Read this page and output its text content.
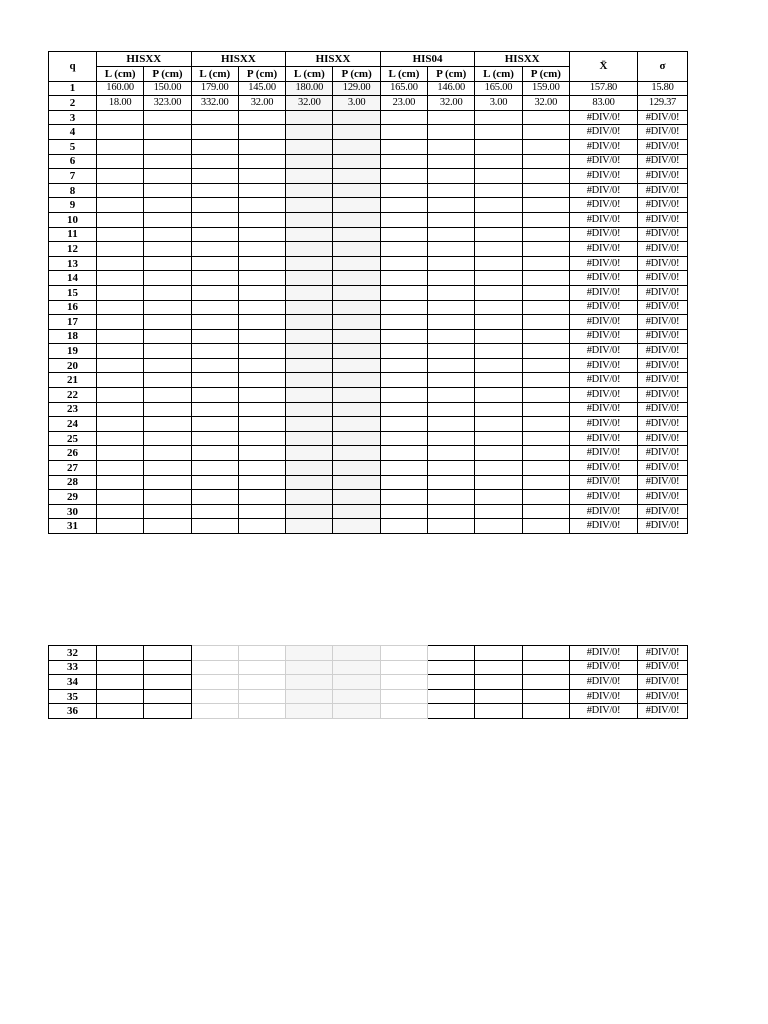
q	HISXX		HISXX		HISXX		HIS04		HISXX		X̄	σ
	L (cm)	P (cm)	L (cm)	P (cm)	L (cm)	P (cm)	L (cm)	P (cm)	L (cm)	P (cm)		
1	160.00	150.00	179.00	145.00	180.00	129.00	165.00	146.00	165.00	159.00	157.80	15.80
2	18.00	323.00	332.00	32.00	32.00	3.00	23.00	32.00	3.00	32.00	83.00	129.37
3											#DIV/0!	#DIV/0!
4											#DIV/0!	#DIV/0!
5											#DIV/0!	#DIV/0!
6											#DIV/0!	#DIV/0!
7											#DIV/0!	#DIV/0!
8											#DIV/0!	#DIV/0!
9											#DIV/0!	#DIV/0!
10											#DIV/0!	#DIV/0!
11											#DIV/0!	#DIV/0!
12											#DIV/0!	#DIV/0!
13											#DIV/0!	#DIV/0!
14											#DIV/0!	#DIV/0!
15											#DIV/0!	#DIV/0!
16											#DIV/0!	#DIV/0!
17											#DIV/0!	#DIV/0!
18											#DIV/0!	#DIV/0!
19											#DIV/0!	#DIV/0!
20											#DIV/0!	#DIV/0!
21											#DIV/0!	#DIV/0!
22											#DIV/0!	#DIV/0!
23											#DIV/0!	#DIV/0!
24											#DIV/0!	#DIV/0!
25											#DIV/0!	#DIV/0!
26											#DIV/0!	#DIV/0!
27											#DIV/0!	#DIV/0!
28											#DIV/0!	#DIV/0!
29											#DIV/0!	#DIV/0!
30											#DIV/0!	#DIV/0!
31											#DIV/0!	#DIV/0!
32											#DIV/0!	#DIV/0!
33											#DIV/0!	#DIV/0!
34											#DIV/0!	#DIV/0!
35											#DIV/0!	#DIV/0!
36											#DIV/0!	#DIV/0!
